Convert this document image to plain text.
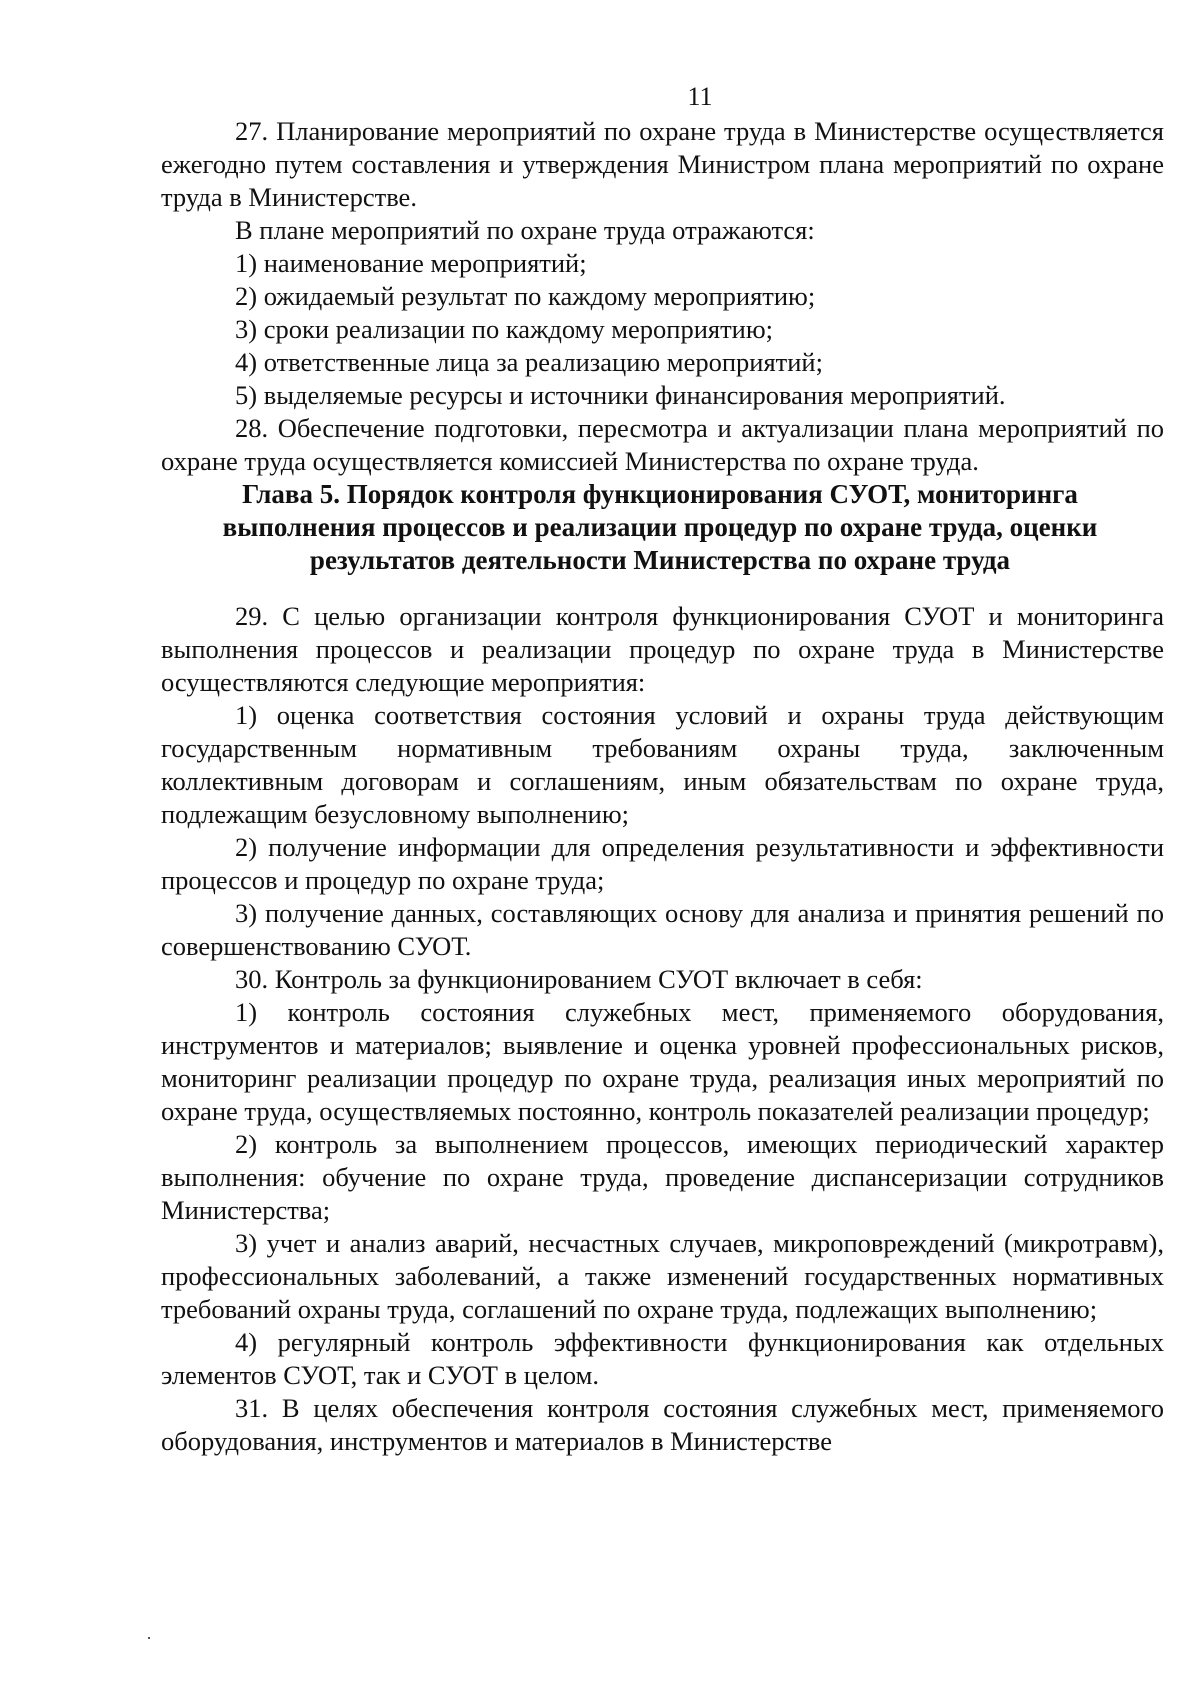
11

27. Планирование мероприятий по охране труда в Министерстве осуществляется ежегодно путем составления и утверждения Министром плана мероприятий по охране труда в Министерстве.

В плане мероприятий по охране труда отражаются:

1) наименование мероприятий;

2) ожидаемый результат по каждому мероприятию;

3) сроки реализации по каждому мероприятию;

4) ответственные лица за реализацию мероприятий;

5) выделяемые ресурсы и источники финансирования мероприятий.

28. Обеспечение подготовки, пересмотра и актуализации плана мероприятий по охране труда осуществляется комиссией Министерства по охране труда.

Глава 5. Порядок контроля функционирования СУОТ, мониторинга
выполнения процессов и реализации процедур по охране труда, оценки
результатов деятельности Министерства по охране труда

29. С целью организации контроля функционирования СУОТ и мониторинга выполнения процессов и реализации процедур по охране труда в Министерстве осуществляются следующие мероприятия:

1) оценка соответствия состояния условий и охраны труда действующим государственным нормативным требованиям охраны труда, заключенным коллективным договорам и соглашениям, иным обязательствам по охране труда, подлежащим безусловному выполнению;

2) получение информации для определения результативности и эффективности процессов и процедур по охране труда;

3) получение данных, составляющих основу для анализа и принятия решений по совершенствованию СУОТ.

30. Контроль за функционированием СУОТ включает в себя:

1) контроль состояния служебных мест, применяемого оборудования, инструментов и материалов; выявление и оценка уровней профессиональных рисков, мониторинг реализации процедур по охране труда, реализация иных мероприятий по охране труда, осуществляемых постоянно, контроль показателей реализации процедур;

2) контроль за выполнением процессов, имеющих периодический характер выполнения: обучение по охране труда, проведение диспансеризации сотрудников Министерства;

3) учет и анализ аварий, несчастных случаев, микроповреждений (микротравм), профессиональных заболеваний, а также изменений государственных нормативных требований охраны труда, соглашений по охране труда, подлежащих выполнению;

4) регулярный контроль эффективности функционирования как отдельных элементов СУОТ, так и СУОТ в целом.

31. В целях обеспечения контроля состояния служебных мест, применяемого оборудования, инструментов и материалов в Министерстве
